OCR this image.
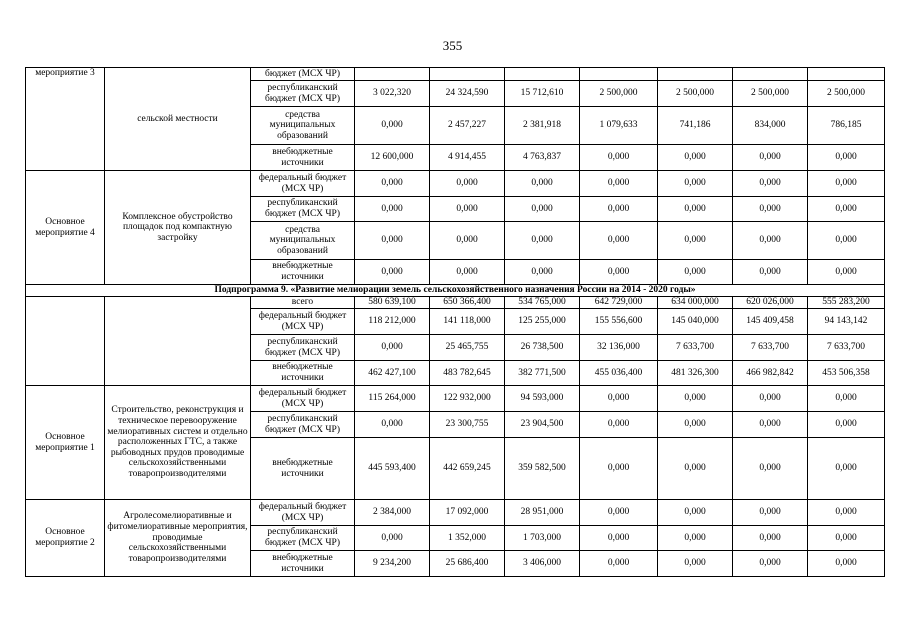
355
мероприятие 3	сельской местности	бюджет (МСХ ЧР)							
		республиканский бюджет (МСХ ЧР)	3 022,320	24 324,590	15 712,610	2 500,000	2 500,000	2 500,000	2 500,000
		средства муниципальных образований	0,000	2 457,227	2 381,918	1 079,633	741,186	834,000	786,185
		внебюджетные источники	12 600,000	4 914,455	4 763,837	0,000	0,000	0,000	0,000
Основное мероприятие 4	Комплексное обустройство площадок под компактную застройку	федеральный бюджет (МСХ ЧР)	0,000	0,000	0,000	0,000	0,000	0,000	0,000
		республиканский бюджет (МСХ ЧР)	0,000	0,000	0,000	0,000	0,000	0,000	0,000
		средства муниципальных образований	0,000	0,000	0,000	0,000	0,000	0,000	0,000
		внебюджетные источники	0,000	0,000	0,000	0,000	0,000	0,000	0,000
Подпрограмма 9. «Развитие мелиорации земель сельскохозяйственного назначения России на 2014 - 2020 годы»									
		всего	580 639,100	650 366,400	534 765,000	642 729,000	634 000,000	620 026,000	555 283,200
		федеральный бюджет (МСХ ЧР)	118 212,000	141 118,000	125 255,000	155 556,600	145 040,000	145 409,458	94 143,142
		республиканский бюджет (МСХ ЧР)	0,000	25 465,755	26 738,500	32 136,000	7 633,700	7 633,700	7 633,700
		внебюджетные источники	462 427,100	483 782,645	382 771,500	455 036,400	481 326,300	466 982,842	453 506,358
Основное мероприятие 1	Строительство, реконструкция и техническое перевооружение мелиоративных систем и отдельно расположенных ГТС, а также рыбоводных прудов проводимые сельскохозяйственными товаропроизводителями	федеральный бюджет (МСХ ЧР)	115 264,000	122 932,000	94 593,000	0,000	0,000	0,000	0,000
		республиканский бюджет (МСХ ЧР)	0,000	23 300,755	23 904,500	0,000	0,000	0,000	0,000
		внебюджетные источники	445 593,400	442 659,245	359 582,500	0,000	0,000	0,000	0,000
Основное мероприятие 2	Агролесомелиоративные и фитомелиоративные мероприятия, проводимые сельскохозяйственными товаропроизводителями	федеральный бюджет (МСХ ЧР)	2 384,000	17 092,000	28 951,000	0,000	0,000	0,000	0,000
		республиканский бюджет (МСХ ЧР)	0,000	1 352,000	1 703,000	0,000	0,000	0,000	0,000
		внебюджетные источники	9 234,200	25 686,400	3 406,000	0,000	0,000	0,000	0,000
